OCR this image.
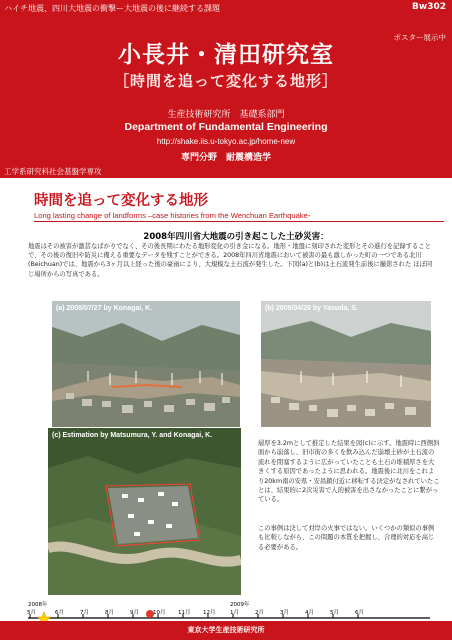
ハイチ地震、四川大地震の衝撃ー大地震の後に継続する課題	Bw302
ポスター展示中
小長井・清田研究室
［時間を追って変化する地形］
生産技術研究所　基礎系部門
Department of Fundamental Engineering
http://shake.iis.u-tokyo.ac.jp/home-new
専門分野　耐震構造学
工学系研究科社会基盤学専攻
時間を追って変化する地形
Long lasting change of landforms –case histories from the Wenchuan Earthquake-
2008年四川省大地震の引き起こした土砂災害：
地震はその被害が激甚なばかりでなく、その後長期にわたる地形変化の引き金になる。地形・地盤に刻印された変形とその進行を記録することで、その後の復旧や防災に備える重要なデータを残すことができる。2008年四川省地震において被害の最も激しかった町の一つである北川 (Beichuan)では、地震から3ヶ月以上経った後の豪雨により、大規模な土石流が発生した。下図(a)と(b)は土石流発生前後に撮影された ほぼ同じ場所からの写真である。
(a) 2008/07/27 by Konagai, K.	(b) 2009/04/20 by Yasuda, S.
(c) Estimation by Matsumura, Y. and Konagai, K.
層厚を3.2mとして推定した結果を図(c)に示す。地震時に西側斜面から崩落し、旧市街の多くを飲み込んだ崩壊土砂が土石流の流れを閉塞するように広がっていたことも土石の堆積厚さを大きくする原因であったように思われる。地震後に北川をこれより20km南の安県・安昌鎮付近に移転する決定がなされていたことは、結果的に2次災害で人的被害を出さなかったことに繋がっている。
この事例は決して対岸の火事ではない。いくつかの類似の事例も比較しながら、この問題の本質を把握し、合理的対応を高じる必要がある。
2008年	2009年
5月	6月	7月	8月	9月	10月 11月 12月	1月	2月	3月	4月	5月	6月
東京大学生産技術研究所
